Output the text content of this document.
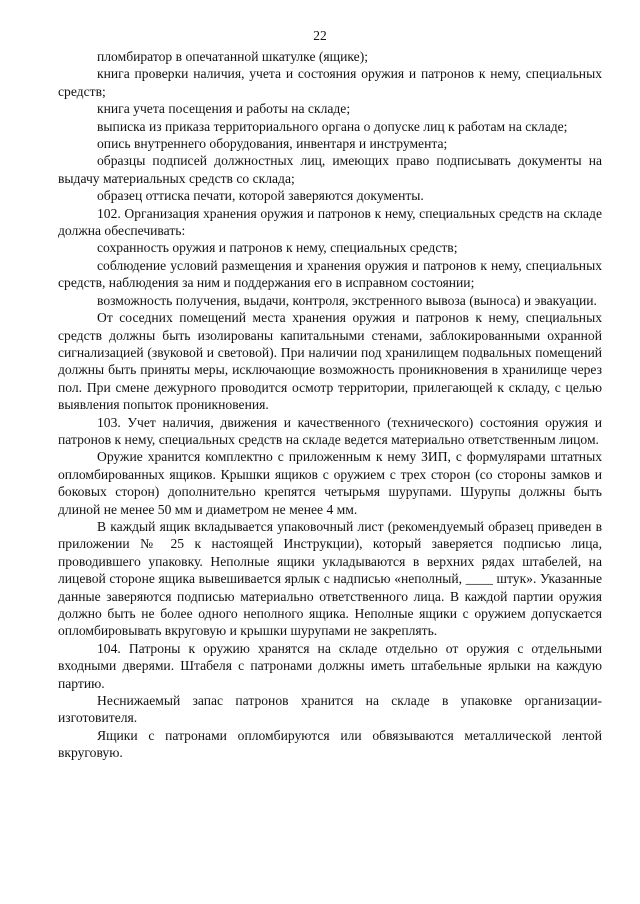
22

пломбиратор в опечатанной шкатулке (ящике);

книга проверки наличия, учета и состояния оружия и патронов к нему, специальных средств;

книга учета посещения и работы на складе;

выписка из приказа территориального органа о допуске лиц к работам на складе;

опись внутреннего оборудования, инвентаря и инструмента;

образцы подписей должностных лиц, имеющих право подписывать документы на выдачу материальных средств со склада;

образец оттиска печати, которой заверяются документы.

102. Организация хранения оружия и патронов к нему, специальных средств на складе должна обеспечивать:

сохранность оружия и патронов к нему, специальных средств;

соблюдение условий размещения и хранения оружия и патронов к нему, специальных средств, наблюдения за ним и поддержания его в исправном состоянии;

возможность получения, выдачи, контроля, экстренного вывоза (выноса) и эвакуации.

От соседних помещений места хранения оружия и патронов к нему, специальных средств должны быть изолированы капитальными стенами, заблокированными охранной сигнализацией (звуковой и световой). При наличии под хранилищем подвальных помещений должны быть приняты меры, исключающие возможность проникновения в хранилище через пол. При смене дежурного проводится осмотр территории, прилегающей к складу, с целью выявления попыток проникновения.

103. Учет наличия, движения и качественного (технического) состояния оружия и патронов к нему, специальных средств на складе ведется материально ответственным лицом.

Оружие хранится комплектно с приложенным к нему ЗИП, с формулярами штатных опломбированных ящиков. Крышки ящиков с оружием с трех сторон (со стороны замков и боковых сторон) дополнительно крепятся четырьмя шурупами. Шурупы должны быть длиной не менее 50 мм и диаметром не менее 4 мм.

В каждый ящик вкладывается упаковочный лист (рекомендуемый образец приведен в приложении № 25 к настоящей Инструкции), который заверяется подписью лица, проводившего упаковку. Неполные ящики укладываются в верхних рядах штабелей, на лицевой стороне ящика вывешивается ярлык с надписью «неполный, ____ штук». Указанные данные заверяются подписью материально ответственного лица. В каждой партии оружия должно быть не более одного неполного ящика. Неполные ящики с оружием допускается опломбировывать вкруговую и крышки шурупами не закреплять.

104. Патроны к оружию хранятся на складе отдельно от оружия с отдельными входными дверями. Штабеля с патронами должны иметь штабельные ярлыки на каждую партию.

Неснижаемый запас патронов хранится на складе в упаковке организации-изготовителя.

Ящики с патронами опломбируются или обвязываются металлической лентой вкруговую.
